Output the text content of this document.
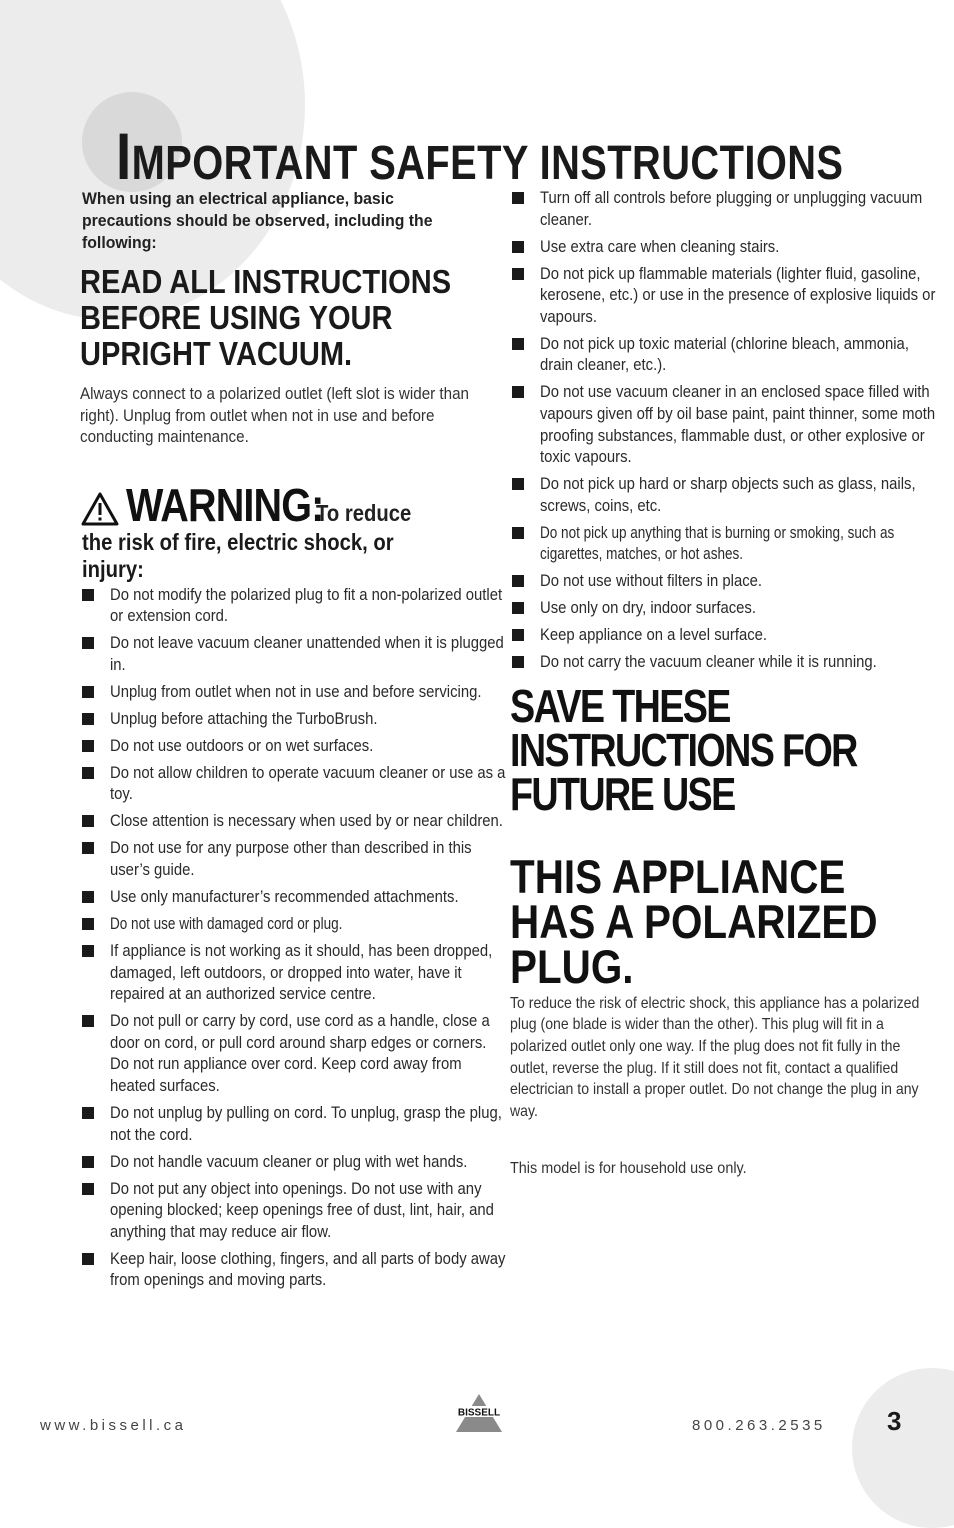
IMPORTANT SAFETY INSTRUCTIONS

When using an electrical appliance, basic precautions should be observed, including the following:

READ ALL INSTRUCTIONS BEFORE USING YOUR UPRIGHT VACUUM.

Always connect to a polarized outlet (left slot is wider than right). Unplug from outlet when not in use and before conducting maintenance.

WARNING:
To reduce
the risk of fire, electric shock, or injury:
Do not modify the polarized plug to fit a non-polarized outlet or extension cord.
Do not leave vacuum cleaner unattended when it is plugged in.
Unplug from outlet when not in use and before servicing.
Unplug before attaching the TurboBrush.
Do not use outdoors or on wet surfaces.
Do not allow children to operate vacuum cleaner or use as a toy.
Close attention is necessary when used by or near children.
Do not use for any purpose other than described in this user’s guide.
Use only manufacturer’s recommended attachments.
Do not use with damaged cord or plug.
If appliance is not working as it should, has been dropped, damaged, left outdoors, or dropped into water, have it repaired at an authorized service centre.
Do not pull or carry by cord, use cord as a handle, close a door on cord, or pull cord around sharp edges or corners. Do not run appliance over cord. Keep cord away from heated surfaces.
Do not unplug by pulling on cord. To unplug, grasp the plug, not the cord.
Do not handle vacuum cleaner or plug with wet hands.
Do not put any object into openings. Do not use with any opening blocked; keep openings free of dust, lint, hair, and anything that may reduce air flow.
Keep hair, loose clothing, fingers, and all parts of body away from openings and moving parts.
Turn off all controls before plugging or unplugging vacuum cleaner.
Use extra care when cleaning stairs.
Do not pick up flammable materials (lighter fluid, gasoline, kerosene, etc.) or use in the presence of explosive liquids or vapours.
Do not pick up toxic material (chlorine bleach, ammonia, drain cleaner, etc.).
Do not use vacuum cleaner in an enclosed space filled with vapours given off by oil base paint, paint thinner, some moth proofing substances, flammable dust, or other explosive or toxic vapours.
Do not pick up hard or sharp objects such as glass, nails, screws, coins, etc.
Do not pick up anything that is burning or smoking, such as cigarettes, matches, or hot ashes.
Do not use without filters in place.
Use only on dry, indoor surfaces.
Keep appliance on a level surface.
Do not carry the vacuum cleaner while it is running.
SAVE THESE INSTRUCTIONS FOR FUTURE USE
THIS APPLIANCE HAS A POLARIZED PLUG.

To reduce the risk of electric shock, this appliance has a polarized plug (one blade is wider than the other). This plug will fit in a polarized outlet only one way. If the plug does not fit fully in the outlet, reverse the plug. If it still does not fit, contact a qualified electrician to install a proper outlet. Do not change the plug in any way.

This model is for household use only.

www.bissell.ca
BISSELL
800.263.2535 3
